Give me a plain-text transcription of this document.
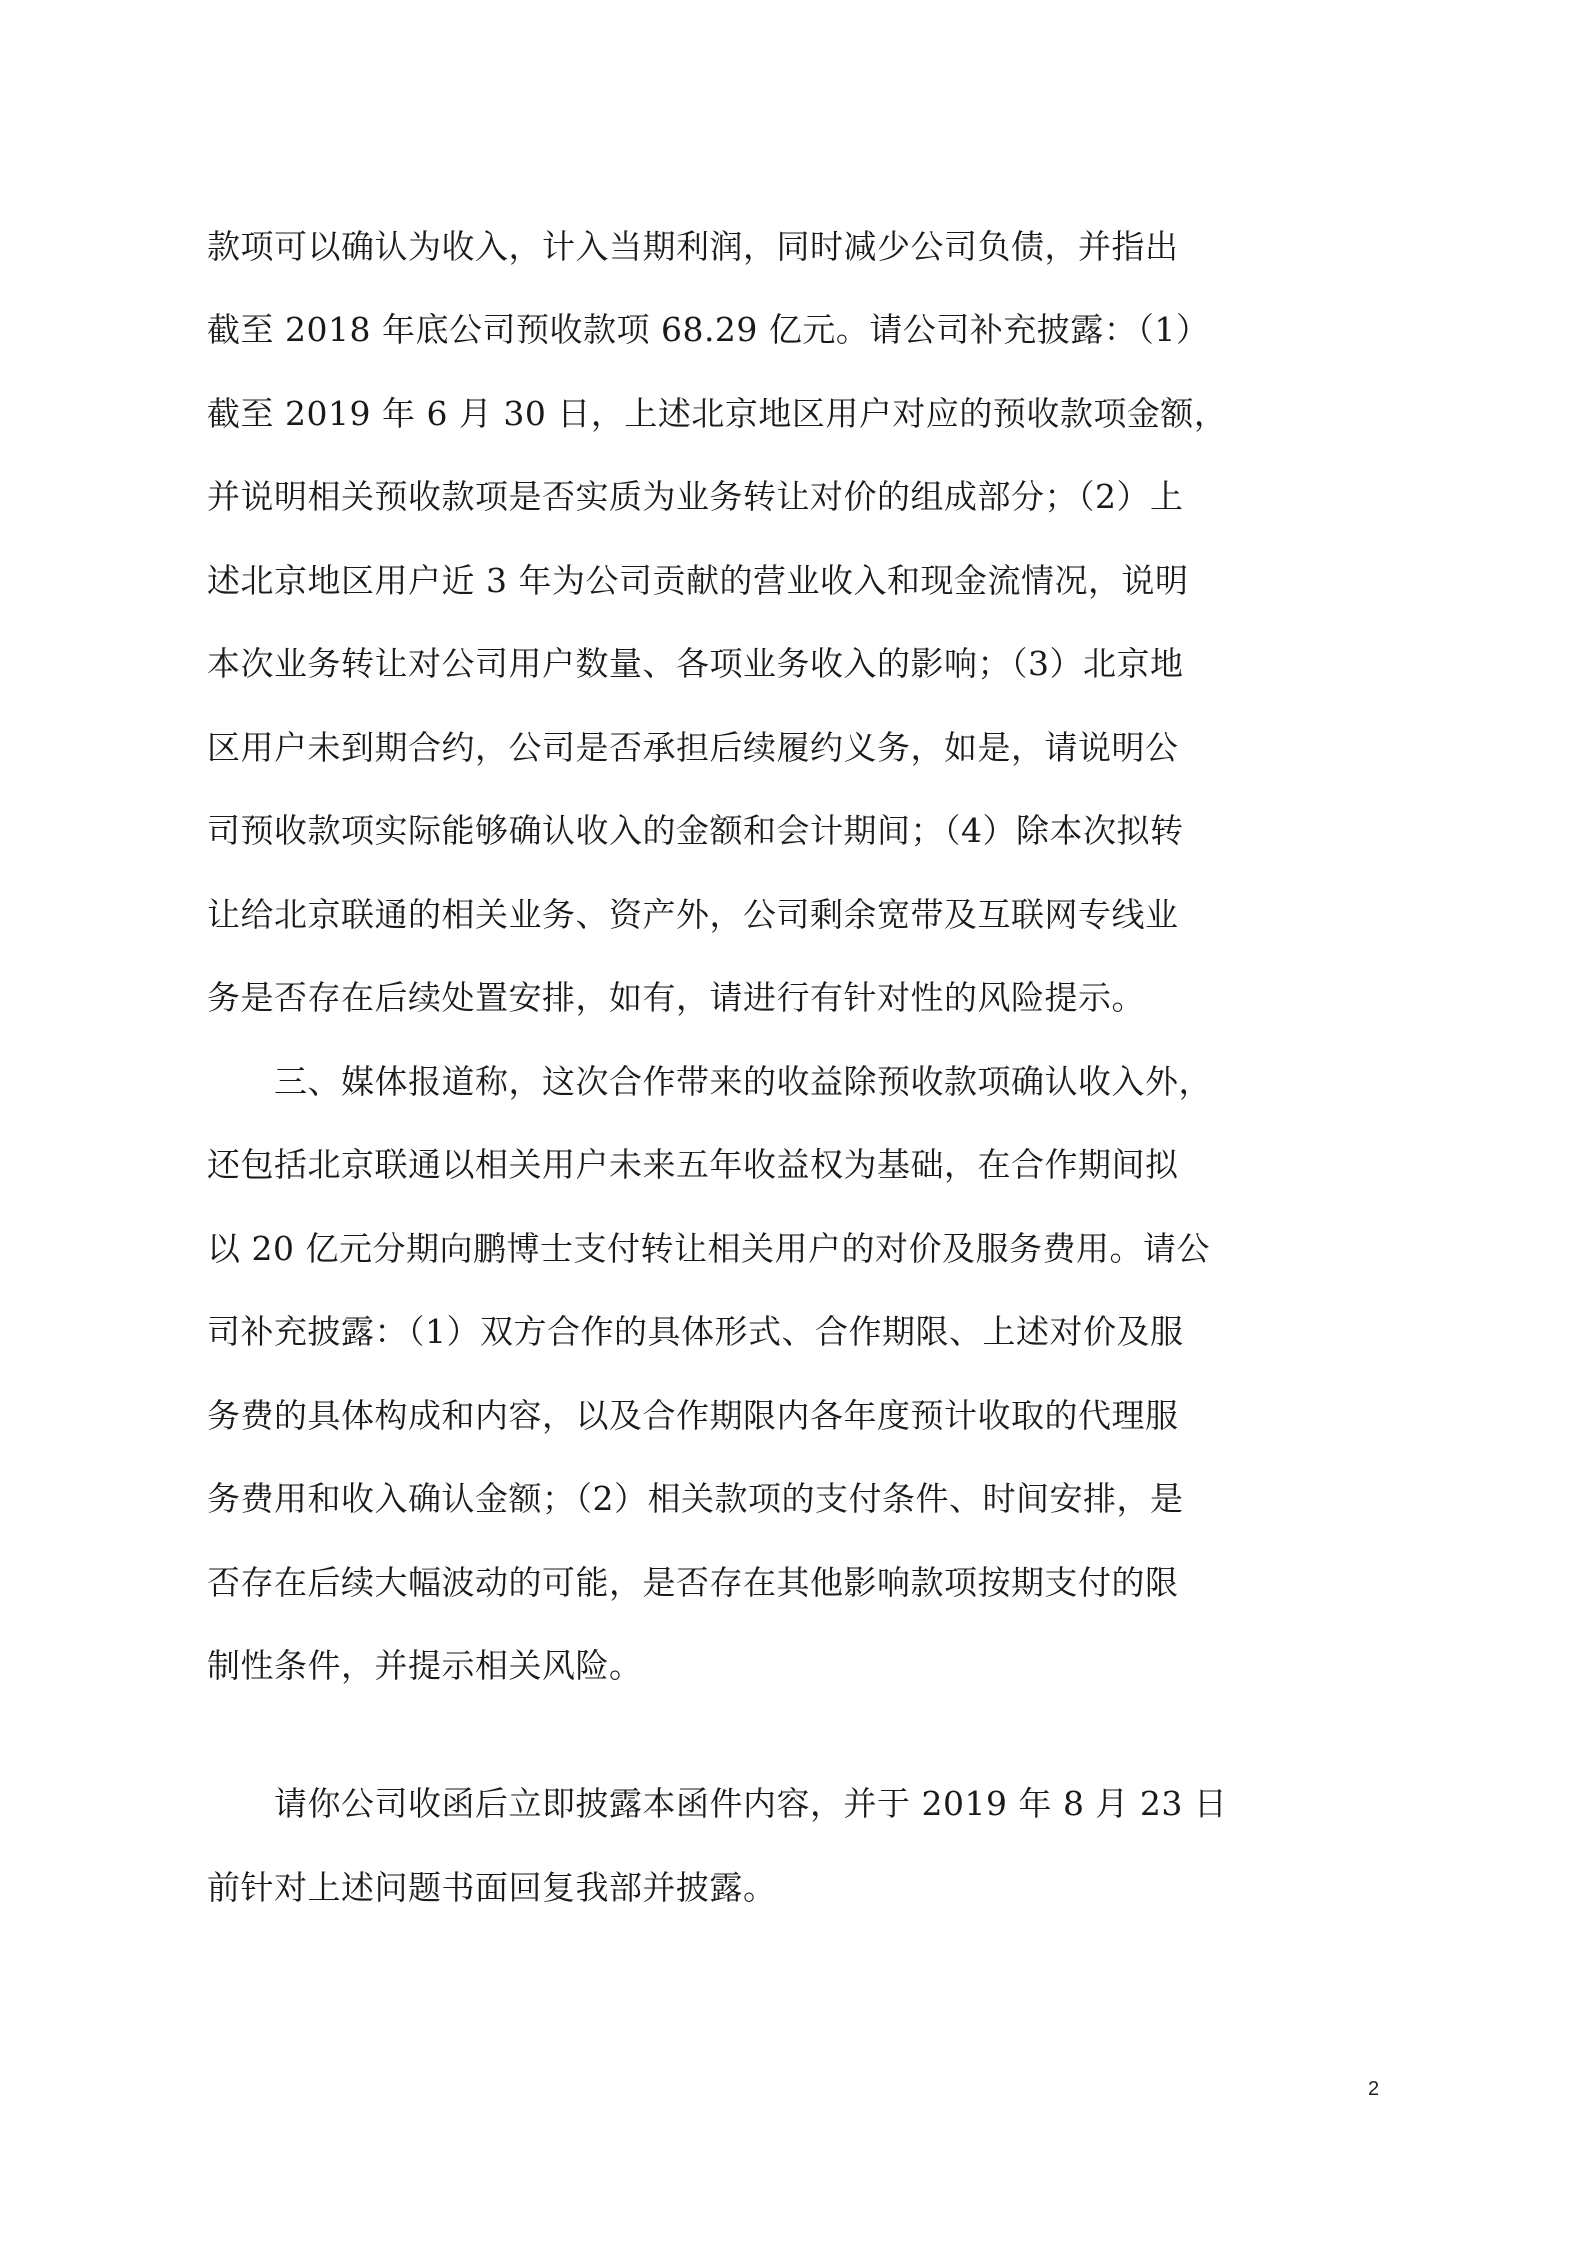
款项可以确认为收入，计入当期利润，同时减少公司负债，并指出
截至 2018 年底公司预收款项 68.29 亿元。请公司补充披露：（1）
截至 2019 年 6 月 30 日，上述北京地区用户对应的预收款项金额，
并说明相关预收款项是否实质为业务转让对价的组成部分；（2）上
述北京地区用户近 3 年为公司贡献的营业收入和现金流情况，说明
本次业务转让对公司用户数量、各项业务收入的影响；（3）北京地
区用户未到期合约，公司是否承担后续履约义务，如是，请说明公
司预收款项实际能够确认收入的金额和会计期间；（4）除本次拟转
让给北京联通的相关业务、资产外，公司剩余宽带及互联网专线业
务是否存在后续处置安排，如有，请进行有针对性的风险提示。
　　三、媒体报道称，这次合作带来的收益除预收款项确认收入外，
还包括北京联通以相关用户未来五年收益权为基础，在合作期间拟
以 20 亿元分期向鹏博士支付转让相关用户的对价及服务费用。请公
司补充披露：（1）双方合作的具体形式、合作期限、上述对价及服
务费的具体构成和内容，以及合作期限内各年度预计收取的代理服
务费用和收入确认金额；（2）相关款项的支付条件、时间安排，是
否存在后续大幅波动的可能，是否存在其他影响款项按期支付的限
制性条件，并提示相关风险。
　　请你公司收函后立即披露本函件内容，并于 2019 年 8 月 23 日
前针对上述问题书面回复我部并披露。
2
